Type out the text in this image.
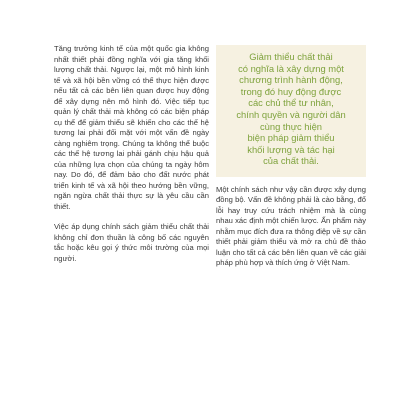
Tăng trưởng kinh tế của một quốc gia không nhất thiết phải đồng nghĩa với gia tăng khối lượng chất thải. Ngược lại, một mô hình kinh tế và xã hội bền vững có thể thực hiện được nếu tất cả các bên liên quan được huy động để xây dựng nên mô hình đó. Việc tiếp tục quản lý chất thải mà không có các biện pháp cụ thể để giảm thiểu sẽ khiến cho các thế hệ tương lai phải đối mặt với một vấn đề ngày càng nghiêm trọng. Chúng ta không thể buộc các thế hệ tương lai phải gánh chịu hậu quả của những lựa chọn của chúng ta ngày hôm nay. Do đó, để đảm bảo cho đất nước phát triển kinh tế và xã hội theo hướng bền vững, ngăn ngừa chất thải thực sự là yêu cầu cần thiết.

Việc áp dụng chính sách giảm thiểu chất thải không chỉ đơn thuần là công bố các nguyên tắc hoặc kêu gọi ý thức môi trường của mọi người.

Giảm thiểu chất thải
có nghĩa là xây dựng một
chương trình hành động,
trong đó huy động được
các chủ thể tư nhân,
chính quyền và người dân
cùng thực hiện
biện pháp giảm thiểu
khối lượng và tác hại
của chất thải.

Một chính sách như vậy cần được xây dựng đồng bộ. Vấn đề không phải là cào bằng, đổ lỗi hay truy cứu trách nhiệm mà là cùng nhau xác định một chiến lược. Ấn phẩm này nhằm mục đích đưa ra thông điệp về sự cần thiết phải giảm thiểu và mở ra chủ đề thảo luận cho tất cả các bên liên quan về các giải pháp phù hợp và thích ứng ở Việt Nam.
